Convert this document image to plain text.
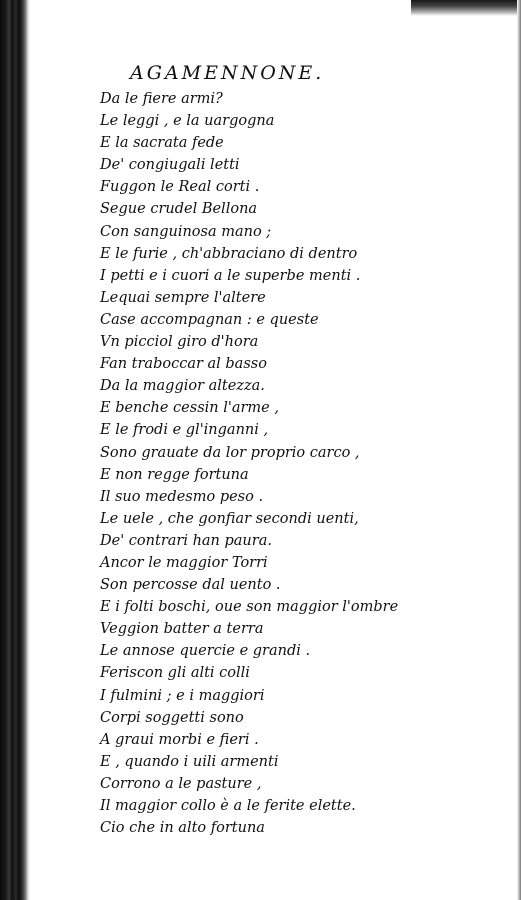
AGAMENNONE.
Da le fiere armi?
Le leggi , e la uargogna
E la sacrata fede
De' congiugali letti
Fuggon le Real corti .
Segue crudel Bellona
Con sanguinosa mano ;
E le furie , ch'abbraciano di dentro
I petti e i cuori a le superbe menti .
Lequai sempre l'altere
Case accompagnan : e queste
Vn picciol giro d'hora
Fan traboccar al basso
Da la maggior altezza.
E benche cessin l'arme ,
E le frodi e gl'inganni ,
Sono grauate da lor proprio carco ,
E non regge fortuna
Il suo medesmo peso .
Le uele , che gonfiar secondi uenti,
De' contrari han paura.
Ancor le maggior Torri
Son percosse dal uento .
E i folti boschi, oue son maggior l'ombre
Veggion batter a terra
Le annose quercie e grandi .
Feriscon gli alti colli
I fulmini ; e i maggiori
Corpi soggetti sono
A graui morbi e fieri .
E , quando i uili armenti
Corrono a le pasture ,
Il maggior collo è a le ferite elette.
Cio che in alto fortuna
